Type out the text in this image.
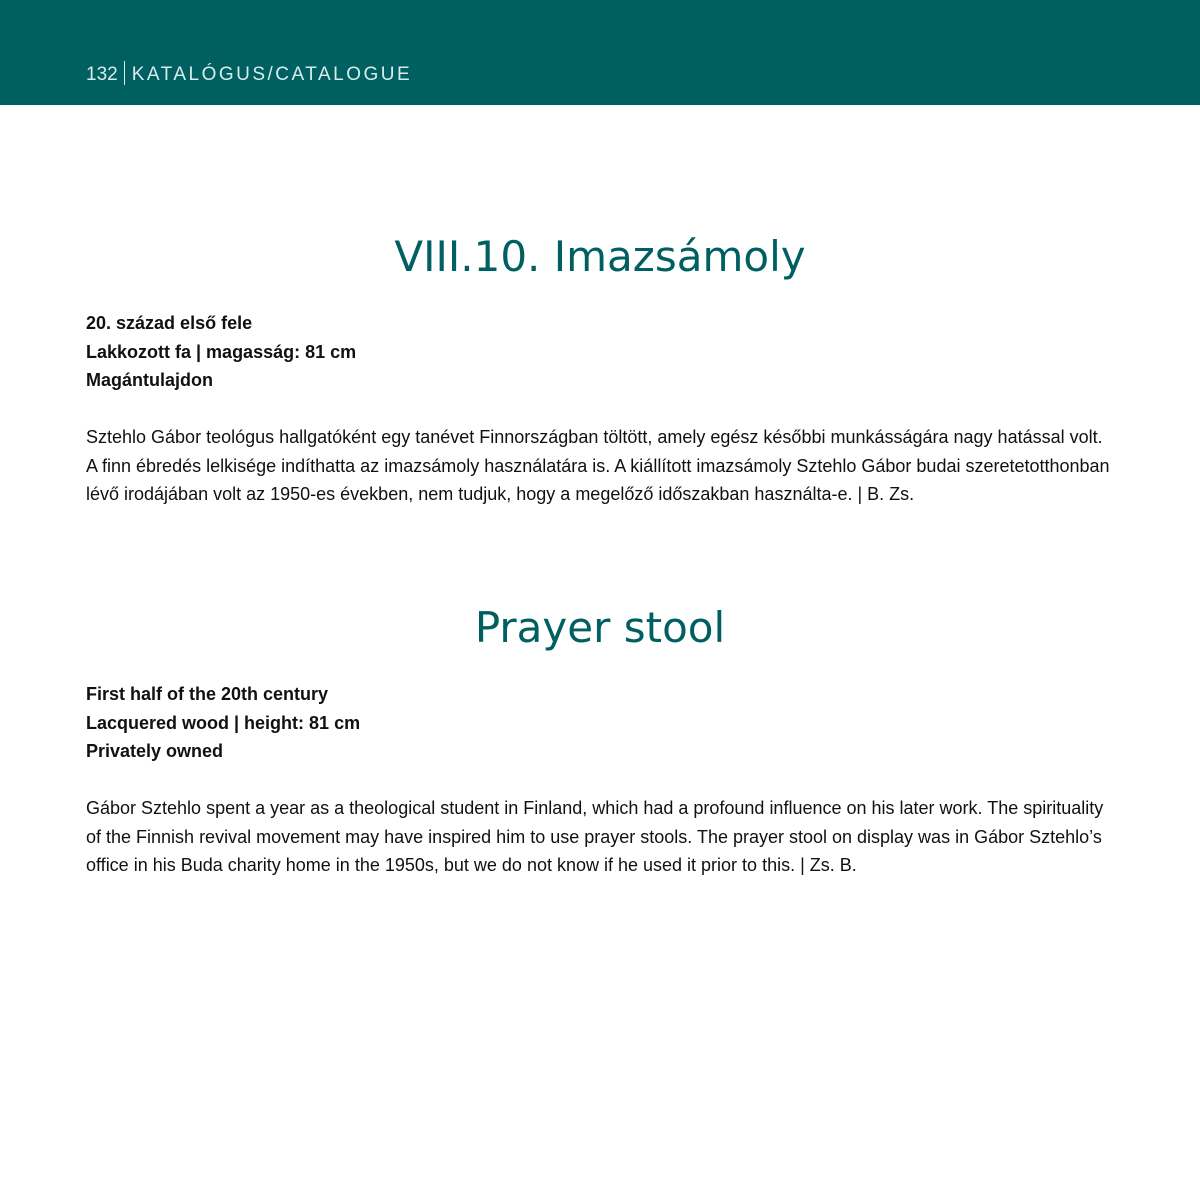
132 KATALÓGUS/CATALOGUE
VIII.10. Imazsámoly
20. század első fele
Lakkozott fa | magasság: 81 cm
Magántulajdon
Sztehlo Gábor teológus hallgatóként egy tanévet Finnországban töltött, amely egész későbbi munkásságára nagy hatással volt. A finn ébredés lelkisége indíthatta az imazsámoly használatára is. A kiállított imazsámoly Sztehlo Gábor budai szeretetotthonban lévő irodájában volt az 1950-es években, nem tudjuk, hogy a megelőző időszakban használta-e. | B. Zs.
Prayer stool
First half of the 20th century
Lacquered wood | height: 81 cm
Privately owned
Gábor Sztehlo spent a year as a theological student in Finland, which had a profound influence on his later work. The spirituality of the Finnish revival movement may have inspired him to use prayer stools. The prayer stool on display was in Gábor Sztehlo’s office in his Buda charity home in the 1950s, but we do not know if he used it prior to this. | Zs. B.
